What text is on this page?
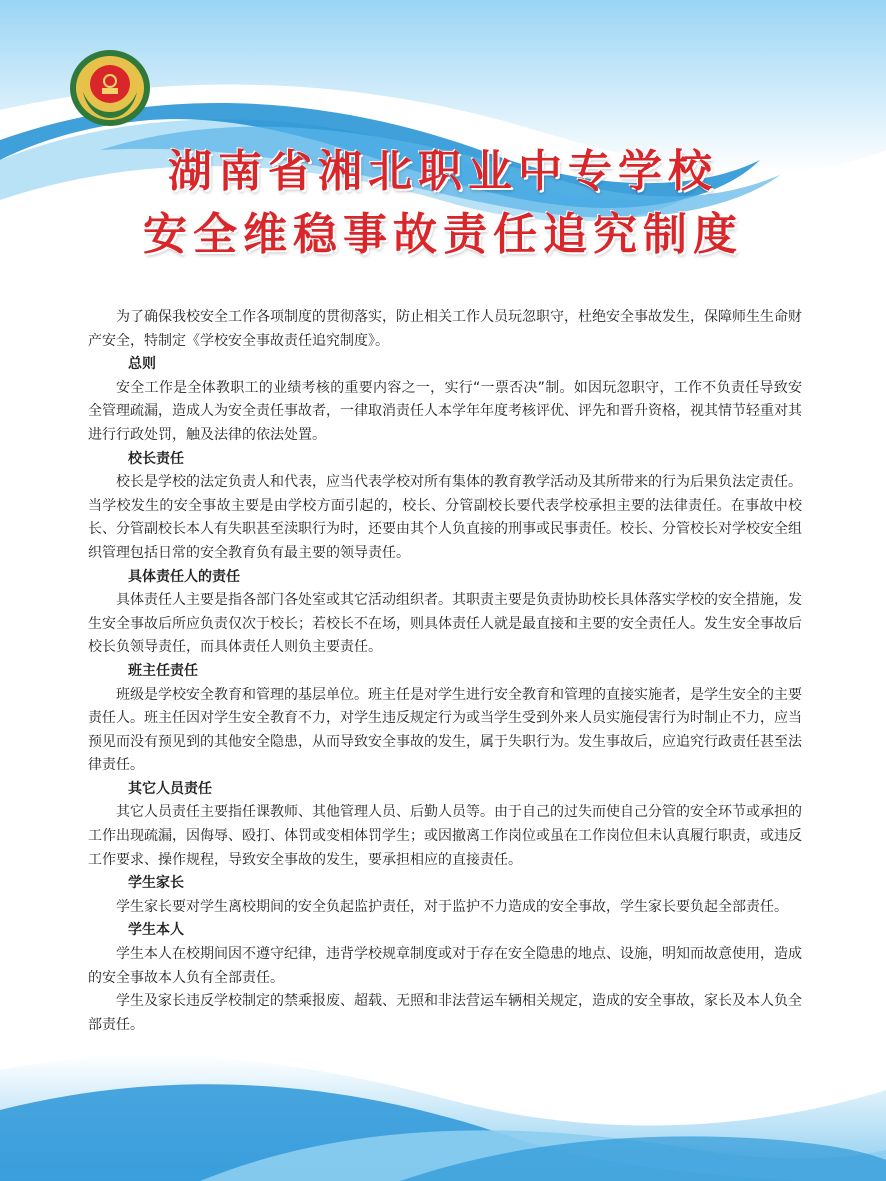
湖南省湘北职业中专学校
安全维稳事故责任追究制度

为了确保我校安全工作各项制度的贯彻落实，防止相关工作人员玩忽职守，杜绝安全事故发生，保障师生生命财产安全，特制定《学校安全事故责任追究制度》。

总则

安全工作是全体教职工的业绩考核的重要内容之一，实行“一票否决”制。如因玩忽职守，工作不负责任导致安全管理疏漏，造成人为安全责任事故者，一律取消责任人本学年年度考核评优、评先和晋升资格，视其情节轻重对其进行行政处罚，触及法律的依法处置。

校长责任

校长是学校的法定负责人和代表，应当代表学校对所有集体的教育教学活动及其所带来的行为后果负法定责任。当学校发生的安全事故主要是由学校方面引起的，校长、分管副校长要代表学校承担主要的法律责任。在事故中校长、分管副校长本人有失职甚至渎职行为时，还要由其个人负直接的刑事或民事责任。校长、分管校长对学校安全组织管理包括日常的安全教育负有最主要的领导责任。

具体责任人的责任

具体责任人主要是指各部门各处室或其它活动组织者。其职责主要是负责协助校长具体落实学校的安全措施，发生安全事故后所应负责仅次于校长；若校长不在场，则具体责任人就是最直接和主要的安全责任人。发生安全事故后校长负领导责任，而具体责任人则负主要责任。

班主任责任

班级是学校安全教育和管理的基层单位。班主任是对学生进行安全教育和管理的直接实施者，是学生安全的主要责任人。班主任因对学生安全教育不力，对学生违反规定行为或当学生受到外来人员实施侵害行为时制止不力，应当预见而没有预见到的其他安全隐患，从而导致安全事故的发生，属于失职行为。发生事故后，应追究行政责任甚至法律责任。

其它人员责任

其它人员责任主要指任课教师、其他管理人员、后勤人员等。由于自己的过失而使自己分管的安全环节或承担的工作出现疏漏，因侮辱、殴打、体罚或变相体罚学生；或因撤离工作岗位或虽在工作岗位但未认真履行职责，或违反工作要求、操作规程，导致安全事故的发生，要承担相应的直接责任。

学生家长

学生家长要对学生离校期间的安全负起监护责任，对于监护不力造成的安全事故，学生家长要负起全部责任。

学生本人

学生本人在校期间因不遵守纪律，违背学校规章制度或对于存在安全隐患的地点、设施，明知而故意使用，造成的安全事故本人负有全部责任。

学生及家长违反学校制定的禁乘报废、超载、无照和非法营运车辆相关规定，造成的安全事故，家长及本人负全部责任。
